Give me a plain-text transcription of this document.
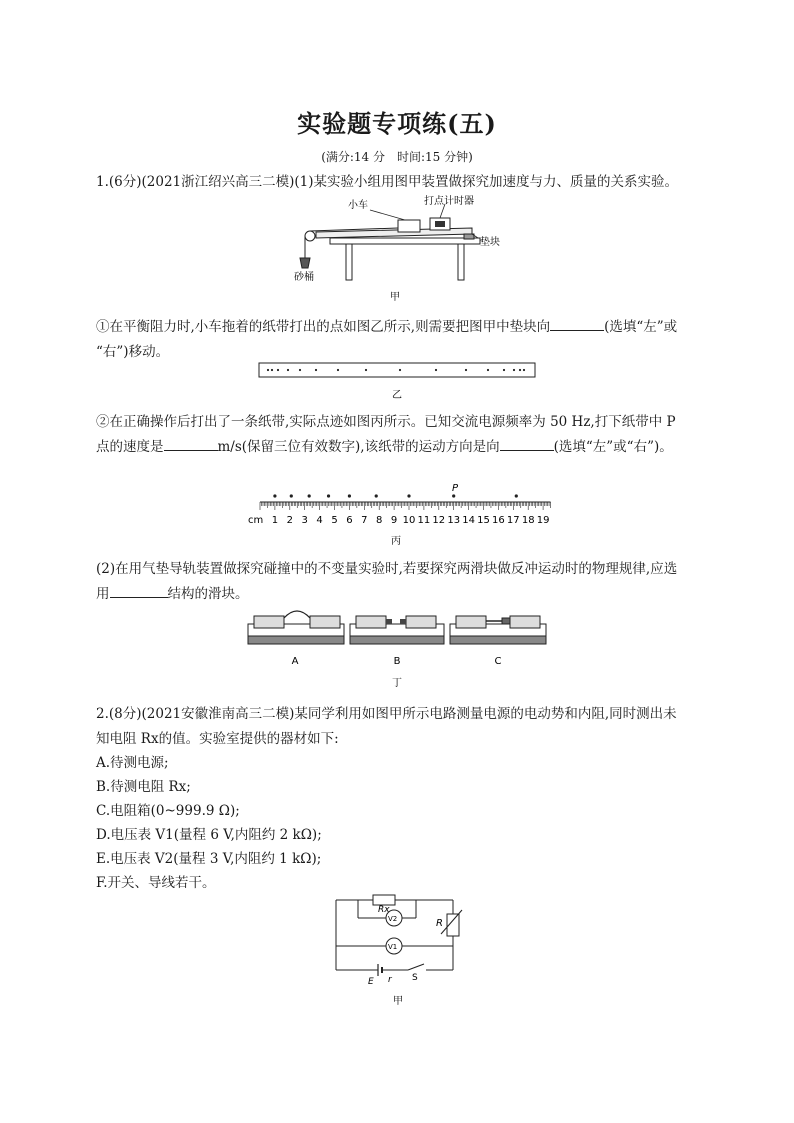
实验题专项练(五)
(满分:14 分　时间:15 分钟)
1.(6分)(2021浙江绍兴高三二模)(1)某实验小组用图甲装置做探究加速度与力、质量的关系实验。
小车	打点计时器
垫块
砂桶
甲
①在平衡阻力时,小车拖着的纸带打出的点如图乙所示,则需要把图甲中垫块向	(选填“左”或
“右”)移动。
乙
②在正确操作后打出了一条纸带,实际点迹如图丙所示。已知交流电源频率为 50 Hz,打下纸带中 P
点的速度是	m/s(保留三位有效数字),该纸带的运动方向是向	(选填“左”或“右”)。
P
1 2 3 4 5 6 7 8 9 10 11 12 13 14 15 16 17 18 19
cm
丙
(2)在用气垫导轨装置做探究碰撞中的不变量实验时,若要探究两滑块做反冲运动时的物理规律,应选
用	结构的滑块。
A	B	C
丁
2.(8分)(2021安徽淮南高三二模)某同学利用如图甲所示电路测量电源的电动势和内阻,同时测出未
知电阻 Rx的值。实验室提供的器材如下:
A.待测电源;
B.待测电阻 Rx;
C.电阻箱(0~999.9 Ω);
D.电压表 V1(量程 6 V,内阻约 2 kΩ);
E.电压表 V2(量程 3 V,内阻约 1 kΩ);
F.开关、导线若干。
Rx
V2
V1
R
E r S
甲
